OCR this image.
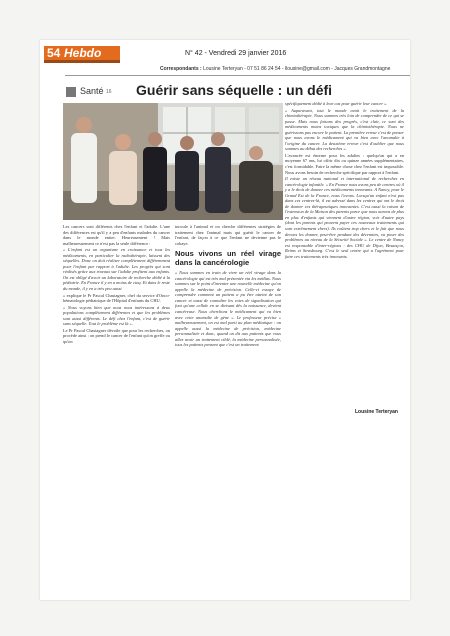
54 Hebdo	N° 42 - Vendredi 29 janvier 2016
Correspondants : Lousine Terteryan - 07 51 86 24 54 - llousine@gmail.com - Jacques Grandmontagne
Santé 16 Guérir sans séquelle : un défi

Les cancers sont différents chez l'enfant et l'adulte. L'une des différences est qu'il y a peu d'enfants malades du cancer dans le monde entier. Heureusement ! Mais malheureusement ce n'est pas la seule différence :

« L'enfant est un organisme en croissance et tous les médicaments, en particulier la radiothérapie, laissent des séquelles. Donc on doit réaliser complètement différemment pour l'enfant par rapport à l'adulte. Les progrès qui sont réalisés grâce aux travaux sur l'adulte profitent aux enfants. On est obligé d'avoir un laboratoire de recherche dédié à la pédiatrie. En France il y en a moins de cinq. Et dans le reste du monde, il y en a très peu aussi

» explique le Pr Pascal Chastagner, chef du service d'Onco-hématologie pédiatrique de l'Hôpital d'enfants du CHU.

« Nous voyons bien que nous nous intéressons à deux populations complètement différentes et que les problèmes sont aussi différents. Le défi chez l'enfant, c'est de guérir sans séquelle. Tout le problème est là ».

Le Pr Pascal Chastagner dévoile que pour les recherches, on procède ainsi : on prend le cancer de l'enfant qu'on greffe ou qu'on

inocule à l'animal et on cherche différentes stratégies de traitement chez l'animal mais qui guérit le cancer de l'enfant, de façon à ce que l'enfant ne devienne pas le cobaye.

Nous vivons un réel virage dans la cancérologie

« Nous sommes en train de vivre un réel virage dans la cancérologie qui est très mal présentée via les médias. Nous sommes sur le point d'inventer une nouvelle médecine qu'on appelle la médecine de précision. Celle-ci essaye de comprendre comment un patient a pu être atteint de son cancer et aussi de connaître les voies de signalisation qui font qu'une cellule en se divisant dès la naissance, devient cancéreuse. Nous cherchons le médicament qui va bien avec cette anomalie de gène ». Le professeur précise « malheureusement, on est mal parti au plan médiatique : on appelle aussi la médecine de précision, médecine personnalisée et donc, quand on dit aux patients que vous allez avoir un traitement ciblé, la médecine personnalisée, tous les patients pensent que c'est un traitement

spécifiquement dédié à leur cas pour guérir leur cancer ».

« Auparavant, tout le monde avait le traitement de la chimiothérapie. Nous sommes très loin de comprendre de ce qui se passe. Mais nous faisons des progrès, c'est clair, ce sont des médicaments moins toxiques que la chimiothérapie. Nous ne guérissons pas encore le patient. La première erreur c'est de penser que nous avons le médicament qui va bien avec l'anomalie à l'origine du cancer. La deuxième erreur c'est d'oublier que nous sommes au début des recherches ».

L'avancée est énorme pour les adultes : quelqu'un qui a en moyenne 67 ans, lui offrir dix ou quinze années supplémentaires, c'est formidable. Faire la même chose chez l'enfant est impossible. Nous avons besoin de recherche spécifique par rapport à l'enfant.

Il existe un réseau national et international de recherches en cancérologie infantile. « En France nous avons peu de centres où il y a le droit de donner ces médicaments innovants. A Nancy, pour le Grand Est de la France, nous l'avons. Lorsqu'un enfant n'est pas dans ces centres-là, il est adressé dans les centres qui ont le droit de donner ces thérapeutiques innovantes. C'est aussi la raison de l'extension de la Maison des parents parce que nous aurons de plus en plus d'enfants qui viennent d'autre région, voir d'autre pays (dont les parents qui peuvent payer ces nouveaux traitements qui sont extrêmement chers). Ils coûtent trop chers et le fait que nous devons les donner, peut-être pendant des décennies, va poser des problèmes au niveau de la Sécurité Sociale ». Le centre de Nancy est responsable d'inter-régions : des CHU de Dijon, Besançon, Reims et Strasbourg. C'est le seul centre qui a l'agrément pour faire ces traitements très innovants.

Lousine Terteryan
